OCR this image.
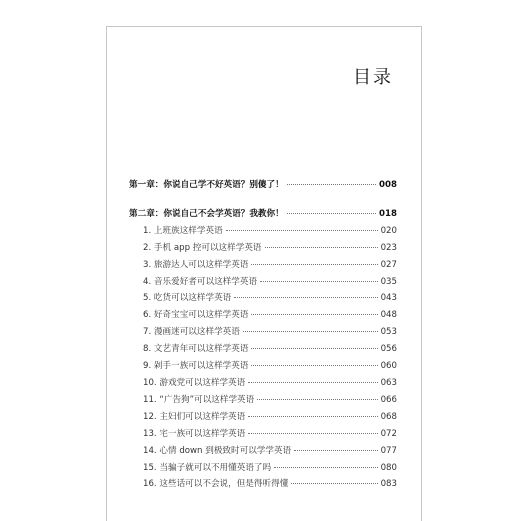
目录
第一章：你说自己学不好英语？别傻了！	008
第二章：你说自己不会学英语？我教你！	018
1. 上班族这样学英语	020
2. 手机 app 控可以这样学英语	023
3. 旅游达人可以这样学英语	027
4. 音乐爱好者可以这样学英语	035
5. 吃货可以这样学英语	043
6. 好奇宝宝可以这样学英语	048
7. 漫画迷可以这样学英语	053
8. 文艺青年可以这样学英语	056
9. 剁手一族可以这样学英语	060
10. 游戏党可以这样学英语	063
11. “广告狗”可以这样学英语	066
12. 主妇们可以这样学英语	068
13. 宅一族可以这样学英语	072
14. 心情 down 到极致时可以学学英语	077
15. 当骗子就可以不用懂英语了吗	080
16. 这些话可以不会说，但是得听得懂	083
